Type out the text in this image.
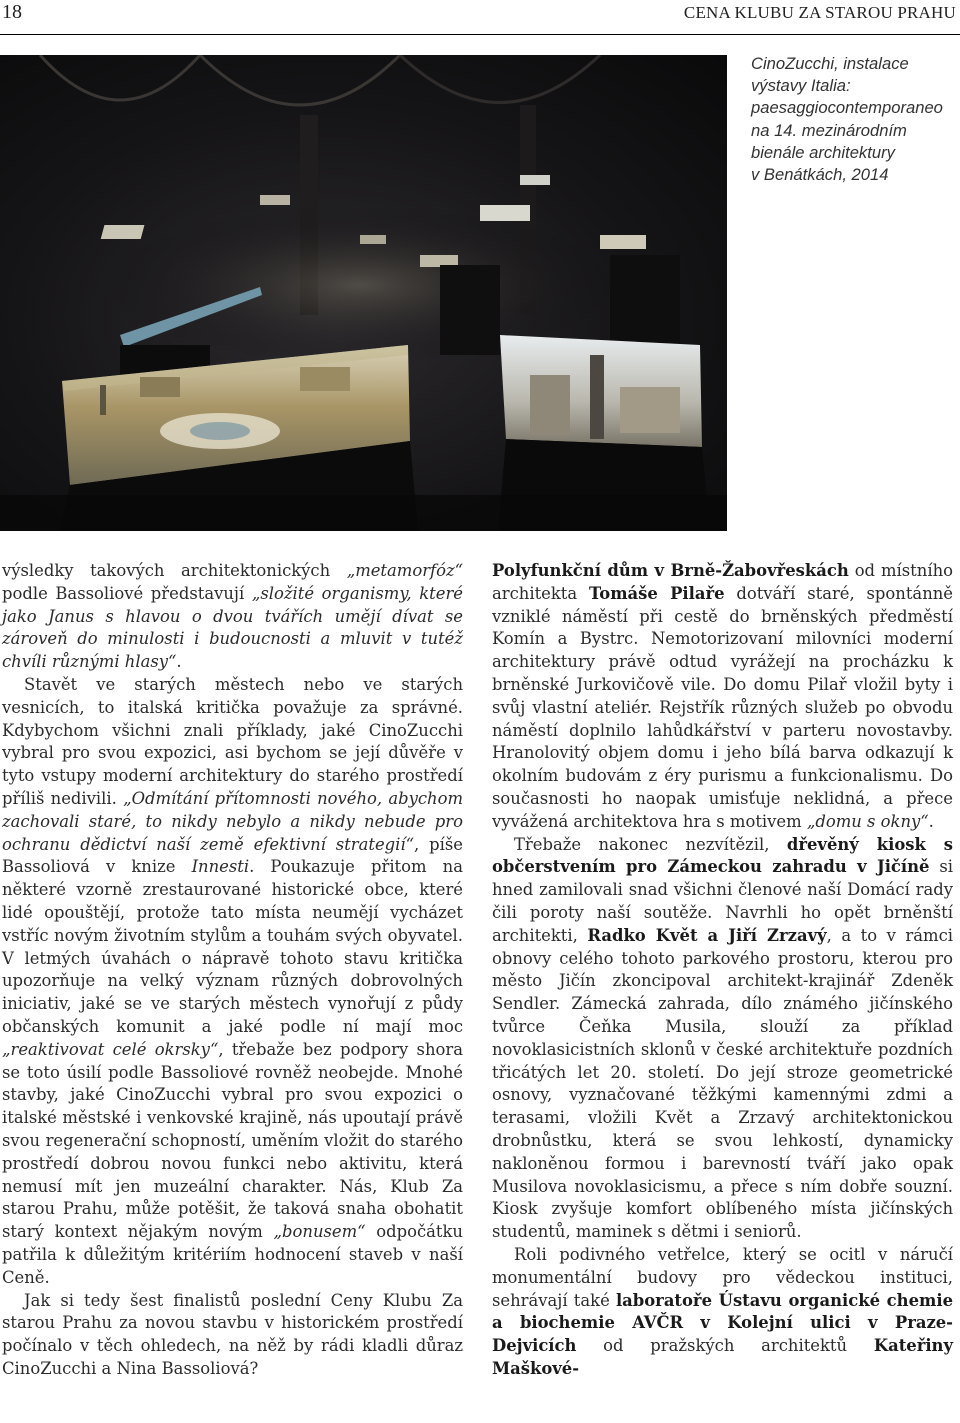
18	CENA KLUBU ZA STAROU PRAHU
CinoZucchi, instalace
výstavy Italia:
paesaggiocontemporaneo
na 14. mezinárodním
bienále architektury
v Benátkách, 2014

výsledky takových architektonických „metamorfóz“ podle Bassoliové představují „složité organismy, které jako Janus s hlavou o dvou tvářích umějí dívat se zároveň do minulosti i budoucnosti a mluvit v tutéž chvíli různými hlasy“.

Stavět ve starých městech nebo ve starých vesnicích, to italská kritička považuje za správné. Kdybychom všichni znali příklady, jaké CinoZucchi vybral pro svou expozici, asi bychom se její důvěře v tyto vstupy moderní architektury do starého prostředí příliš nedivili. „Odmítání přítomnosti nového, abychom zachovali staré, to nikdy nebylo a nikdy nebude pro ochranu dědictví naší země efektivní strategií“, píše Bassoliová v knize Innesti. Poukazuje přitom na některé vzorně zrestaurované historické obce, které lidé opouštějí, protože tato místa neumějí vycházet vstříc novým životním stylům a touhám svých obyvatel. V letmých úvahách o nápravě tohoto stavu kritička upozorňuje na velký význam různých dobrovolných iniciativ, jaké se ve starých městech vynořují z půdy občanských komunit a jaké podle ní mají moc „reaktivovat celé okrsky“, třebaže bez podpory shora se toto úsilí podle Bassoliové rovněž neobejde. Mnohé stavby, jaké CinoZucchi vybral pro svou expozici o italské městské i venkovské krajině, nás upoutají právě svou regenerační schopností, uměním vložit do starého prostředí dobrou novou funkci nebo aktivitu, která nemusí mít jen muzeální charakter. Nás, Klub Za starou Prahu, může potěšit, že taková snaha obohatit starý kontext nějakým novým „bonusem“ odpočátku patřila k důležitým kritériím hodnocení staveb v naší Ceně.

Jak si tedy šest finalistů poslední Ceny Klubu Za starou Prahu za novou stavbu v historickém prostředí počínalo v těch ohledech, na něž by rádi kladli důraz CinoZucchi a Nina Bassoliová?

Polyfunkční dům v Brně-Žabovřeskách od místního architekta Tomáše Pilaře dotváří staré, spontánně vzniklé náměstí při cestě do brněnských předměstí Komín a Bystrc. Nemotorizovaní milovníci moderní architektury právě odtud vyrážejí na procházku k brněnské Jurkovičově vile. Do domu Pilař vložil byty i svůj vlastní ateliér. Rejstřík různých služeb po obvodu náměstí doplnilo lahůdkářství v parteru novostavby. Hranolovitý objem domu i jeho bílá barva odkazují k okolním budovám z éry purismu a funkcionalismu. Do současnosti ho naopak umisťuje neklidná, a přece vyvážená architektova hra s motivem „domu s okny“.

Třebaže nakonec nezvítězil, dřevěný kiosk s občerstvením pro Zámeckou zahradu v Jičíně si hned zamilovali snad všichni členové naší Domácí rady čili poroty naší soutěže. Navrhli ho opět brněnští architekti, Radko Květ a Jiří Zrzavý, a to v rámci obnovy celého tohoto parkového prostoru, kterou pro město Jičín zkoncipoval architekt-krajinář Zdeněk Sendler. Zámecká zahrada, dílo známého jičínského tvůrce Čeňka Musila, slouží za příklad novoklasicistních sklonů v české architektuře pozdních třicátých let 20. století. Do její stroze geometrické osnovy, vyznačované těžkými kamennými zdmi a terasami, vložili Květ a Zrzavý architektonickou drobnůstku, která se svou lehkostí, dynamicky nakloněnou formou i barevností tváří jako opak Musilova novoklasicismu, a přece s ním dobře souzní. Kiosk zvyšuje komfort oblíbeného místa jičínských studentů, maminek s dětmi i seniorů.

Roli podivného vetřelce, který se ocitl v náručí monumentální budovy pro vědeckou instituci, sehrávají také laboratoře Ústavu organické chemie a biochemie AVČR v Kolejní ulici v Praze-Dejvicích od pražských architektů Kateřiny Maškové-
